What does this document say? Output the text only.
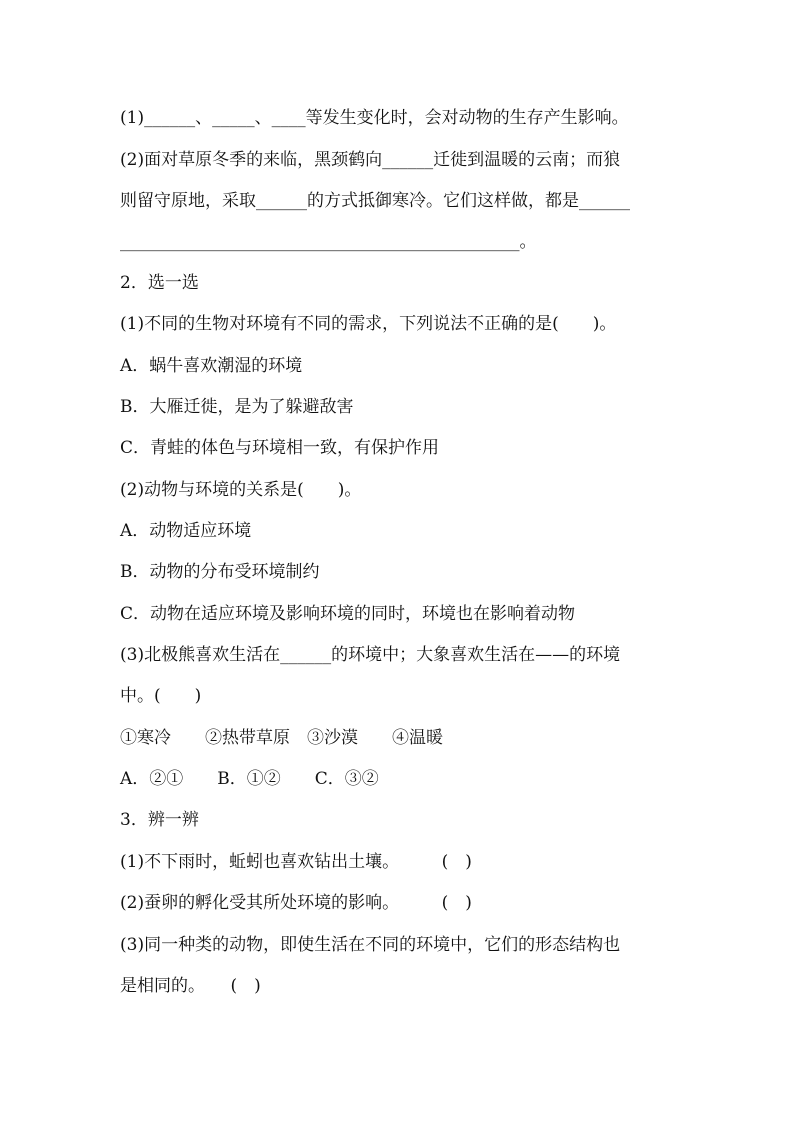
(1)______、_____、____等发生变化时，会对动物的生存产生影响。
(2)面对草原冬季的来临，黑颈鹤向______迁徙到温暖的云南；而狼
则留守原地，采取______的方式抵御寒冷。它们这样做，都是______
_______________________________________________。
2．选一选
(1)不同的生物对环境有不同的需求，下列说法不正确的是(　　)。
A．蜗牛喜欢潮湿的环境
B．大雁迁徙，是为了躲避敌害
C．青蛙的体色与环境相一致，有保护作用
(2)动物与环境的关系是(　　)。
A．动物适应环境
B．动物的分布受环境制约
C．动物在适应环境及影响环境的同时，环境也在影响着动物
(3)北极熊喜欢生活在______的环境中；大象喜欢生活在——的环境
中。(　　)
①寒冷　　②热带草原　③沙漠　　④温暖
A．②①　　B．①②　　C．③②
3．辨一辨
(1)不下雨时，蚯蚓也喜欢钻出土壤。　　　(　)
(2)蚕卵的孵化受其所处环境的影响。　　　(　)
(3)同一种类的动物，即使生活在不同的环境中，它们的形态结构也
是相同的。　　(　)
